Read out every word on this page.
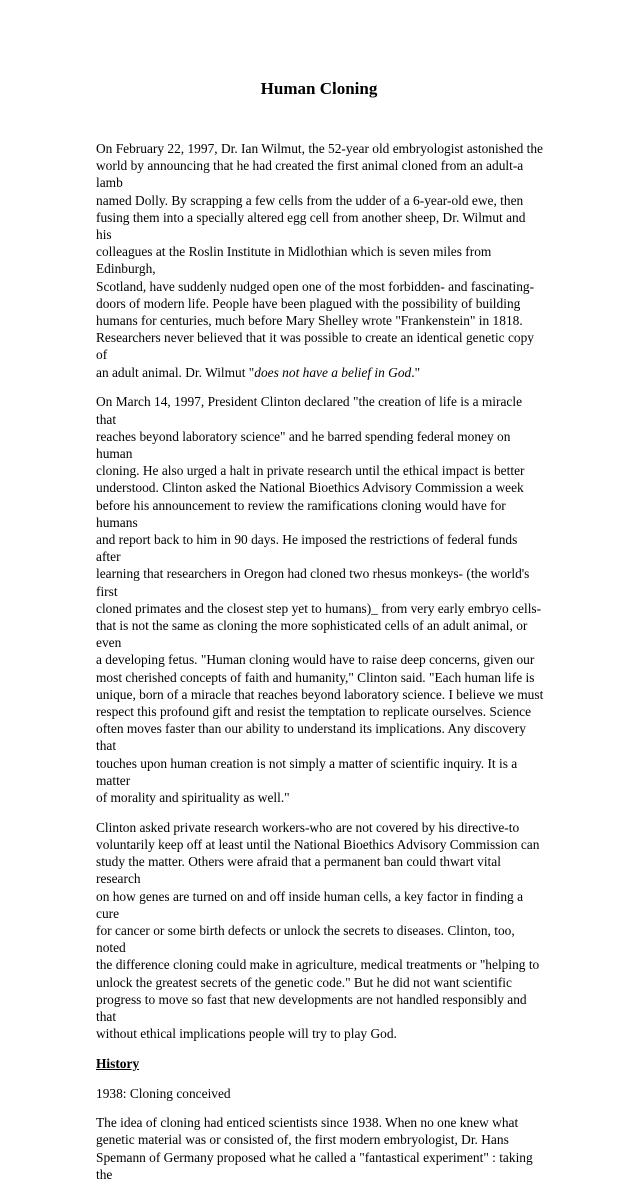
Human Cloning

On February 22, 1997, Dr. Ian Wilmut, the 52-year old embryologist astonished the
world by announcing that he had created the first animal cloned from an adult-a lamb
named Dolly. By scrapping a few cells from the udder of a 6-year-old ewe, then
fusing them into a specially altered egg cell from another sheep, Dr. Wilmut and his
colleagues at the Roslin Institute in Midlothian which is seven miles from Edinburgh,
Scotland, have suddenly nudged open one of the most forbidden- and fascinating-
doors of modern life. People have been plagued with the possibility of building
humans for centuries, much before Mary Shelley wrote "Frankenstein" in 1818.
Researchers never believed that it was possible to create an identical genetic copy of
an adult animal. Dr. Wilmut "does not have a belief in God."

On March 14, 1997, President Clinton declared "the creation of life is a miracle that
reaches beyond laboratory science" and he barred spending federal money on human
cloning. He also urged a halt in private research until the ethical impact is better
understood. Clinton asked the National Bioethics Advisory Commission a week
before his announcement to review the ramifications cloning would have for humans
and report back to him in 90 days. He imposed the restrictions of federal funds after
learning that researchers in Oregon had cloned two rhesus monkeys- (the world's first
cloned primates and the closest step yet to humans)_ from very early embryo cells-
that is not the same as cloning the more sophisticated cells of an adult animal, or even
a developing fetus. "Human cloning would have to raise deep concerns, given our
most cherished concepts of faith and humanity," Clinton said. "Each human life is
unique, born of a miracle that reaches beyond laboratory science. I believe we must
respect this profound gift and resist the temptation to replicate ourselves. Science
often moves faster than our ability to understand its implications. Any discovery that
touches upon human creation is not simply a matter of scientific inquiry. It is a matter
of morality and spirituality as well."

Clinton asked private research workers-who are not covered by his directive-to
voluntarily keep off at least until the National Bioethics Advisory Commission can
study the matter. Others were afraid that a permanent ban could thwart vital research
on how genes are turned on and off inside human cells, a key factor in finding a cure
for cancer or some birth defects or unlock the secrets to diseases. Clinton, too, noted
the difference cloning could make in agriculture, medical treatments or "helping to
unlock the greatest secrets of the genetic code." But he did not want scientific
progress to move so fast that new developments are not handled responsibly and that
without ethical implications people will try to play God.

History

1938: Cloning conceived

The idea of cloning had enticed scientists since 1938. When no one knew what
genetic material was or consisted of, the first modern embryologist, Dr. Hans
Spemann of Germany proposed what he called a "fantastical experiment" : taking the
